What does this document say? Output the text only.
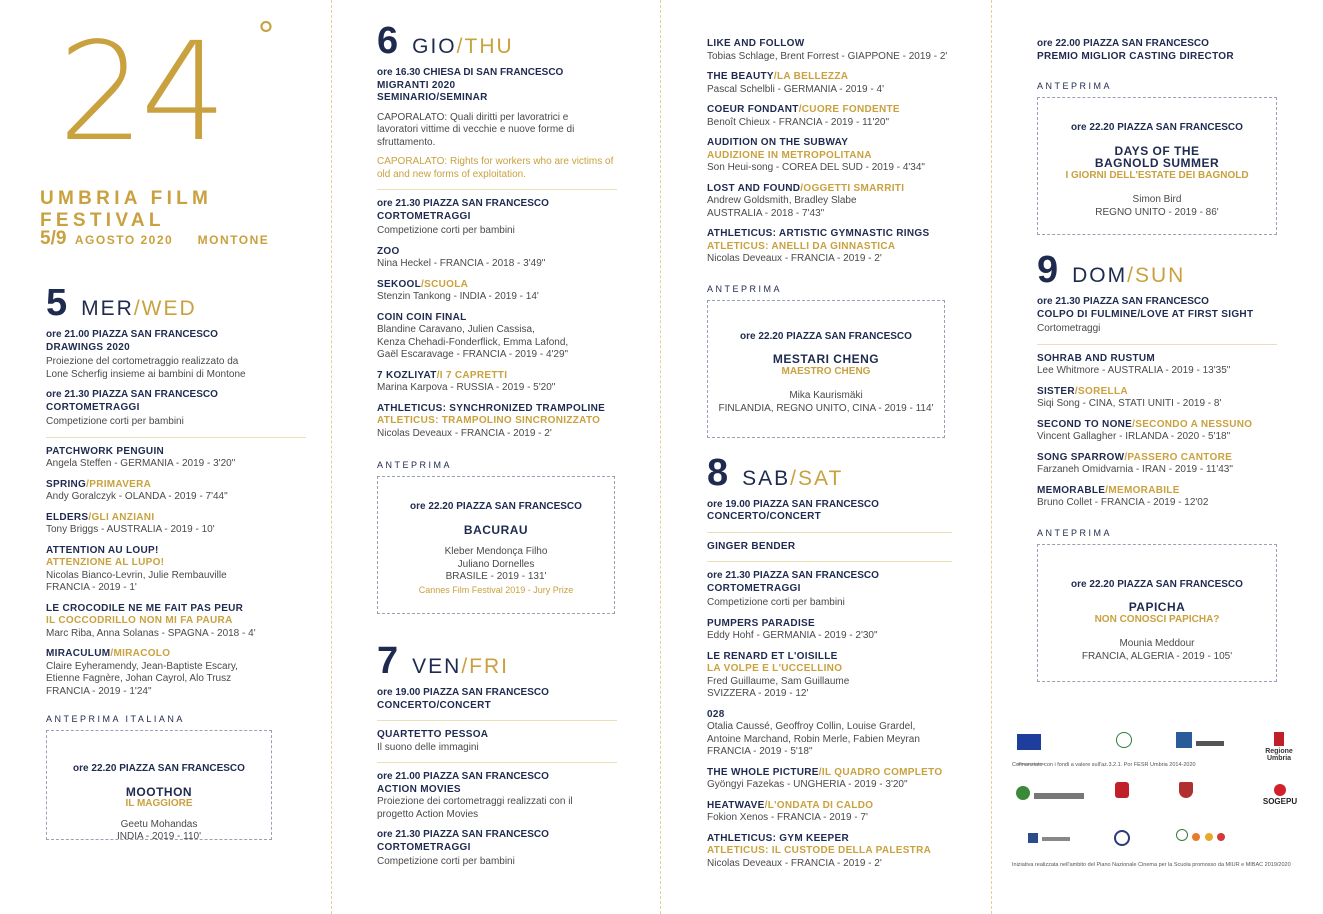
24 °
UMBRIA FILM FESTIVAL
5/9 AGOSTO 2020 MONTONE
5 MER/WED
ore 21.00 PIAZZA SAN FRANCESCO
DRAWINGS 2020
Proiezione del cortometraggio realizzato da
Lone Scherfig insieme ai bambini di Montone
ore 21.30 PIAZZA SAN FRANCESCO
CORTOMETRAGGI
Competizione corti per bambini
PATCHWORK PENGUIN
Angela Steffen - GERMANIA - 2019 - 3'20"
SPRING/PRIMAVERA
Andy Goralczyk - OLANDA - 2019 - 7'44"
ELDERS/GLI ANZIANI
Tony Briggs - AUSTRALIA - 2019 - 10'
ATTENTION AU LOUP!
ATTENZIONE AL LUPO!
Nicolas Bianco-Levrin, Julie Rembauville
FRANCIA - 2019 - 1'
LE CROCODILE NE ME FAIT PAS PEUR
IL COCCODRILLO NON MI FA PAURA
Marc Riba, Anna Solanas - SPAGNA - 2018 - 4'
MIRACULUM/MIRACOLO
Claire Eyheramendy, Jean-Baptiste Escary,
Etienne Fagnère, Johan Cayrol, Alo Trusz
FRANCIA - 2019 - 1'24"
ANTEPRIMA ITALIANA
ore 22.20 PIAZZA SAN FRANCESCO
MOOTHON
IL MAGGIORE
Geetu Mohandas
INDIA - 2019 - 110'
6 GIO/THU
ore 16.30 CHIESA DI SAN FRANCESCO
MIGRANTI 2020
SEMINARIO/SEMINAR
CAPORALATO: Quali diritti per lavoratrici e lavoratori vittime di vecchie e nuove forme di sfruttamento.
CAPORALATO: Rights for workers who are victims of old and new forms of exploitation.
ore 21.30 PIAZZA SAN FRANCESCO
CORTOMETRAGGI
Competizione corti per bambini
ZOO
Nina Heckel - FRANCIA - 2018 - 3'49"
SEKOOL/SCUOLA
Stenzin Tankong - INDIA - 2019 - 14'
COIN COIN FINAL
Blandine Caravano, Julien Cassisa,
Kenza Chehadi-Fonderflick, Emma Lafond,
Gaël Escaravage - FRANCIA - 2019 - 4'29"
7 KOZLIYAT/I 7 CAPRETTI
Marina Karpova - RUSSIA - 2019 - 5'20"
ATHLETICUS: SYNCHRONIZED TRAMPOLINE
ATLETICUS: TRAMPOLINO SINCRONIZZATO
Nicolas Deveaux - FRANCIA - 2019 - 2'
ANTEPRIMA
ore 22.20 PIAZZA SAN FRANCESCO
BACURAU
Kleber Mendonça Filho
Juliano Dornelles
BRASILE - 2019 - 131'
Cannes Film Festival 2019 - Jury Prize
7 VEN/FRI
ore 19.00 PIAZZA SAN FRANCESCO
CONCERTO/CONCERT
QUARTETTO PESSOA
Il suono delle immagini
ore 21.00 PIAZZA SAN FRANCESCO
ACTION MOVIES
Proiezione dei cortometraggi realizzati con il
progetto Action Movies
ore 21.30 PIAZZA SAN FRANCESCO
CORTOMETRAGGI
Competizione corti per bambini
LIKE AND FOLLOW
Tobias Schlage, Brent Forrest - GIAPPONE - 2019 - 2'
THE BEAUTY/LA BELLEZZA
Pascal Schelbli - GERMANIA - 2019 - 4'
COEUR FONDANT/CUORE FONDENTE
Benoît Chieux - FRANCIA - 2019 - 11'20"
AUDITION ON THE SUBWAY
AUDIZIONE IN METROPOLITANA
Son Heui-song - COREA DEL SUD - 2019 - 4'34"
LOST AND FOUND/OGGETTI SMARRITI
Andrew Goldsmith, Bradley Slabe
AUSTRALIA - 2018 - 7'43"
ATHLETICUS: ARTISTIC GYMNASTIC RINGS
ATLETICUS: ANELLI DA GINNASTICA
Nicolas Deveaux - FRANCIA - 2019 - 2'
ANTEPRIMA
ore 22.20 PIAZZA SAN FRANCESCO
MESTARI CHENG
MAESTRO CHENG
Mika Kaurismäki
FINLANDIA, REGNO UNITO, CINA - 2019 - 114'
8 SAB/SAT
ore 19.00 PIAZZA SAN FRANCESCO
CONCERTO/CONCERT
GINGER BENDER
ore 21.30 PIAZZA SAN FRANCESCO
CORTOMETRAGGI
Competizione corti per bambini
PUMPERS PARADISE
Eddy Hohf - GERMANIA - 2019 - 2'30"
LE RENARD ET L'OISILLE
LA VOLPE E L'UCCELLINO
Fred Guillaume, Sam Guillaume
SVIZZERA - 2019 - 12'
028
Otalia Caussé, Geoffroy Collin, Louise Grardel,
Antoine Marchand, Robin Merle, Fabien Meyran
FRANCIA - 2019 - 5'18"
THE WHOLE PICTURE/IL QUADRO COMPLETO
Gyöngyi Fazekas - UNGHERIA - 2019 - 3'20"
HEATWAVE/L'ONDATA DI CALDO
Fokion Xenos - FRANCIA - 2019 - 7'
ATHLETICUS: GYM KEEPER
ATLETICUS: IL CUSTODE DELLA PALESTRA
Nicolas Deveaux - FRANCIA - 2019 - 2'
ore 22.00 PIAZZA SAN FRANCESCO
PREMIO MIGLIOR CASTING DIRECTOR
ANTEPRIMA
ore 22.20 PIAZZA SAN FRANCESCO
DAYS OF THE
BAGNOLD SUMMER
I GIORNI DELL'ESTATE DEI BAGNOLD
Simon Bird
REGNO UNITO - 2019 - 86'
9 DOM/SUN
ore 21.30 PIAZZA SAN FRANCESCO
COLPO DI FULMINE/LOVE AT FIRST SIGHT
Cortometraggi
SOHRAB AND RUSTUM
Lee Whitmore - AUSTRALIA - 2019 - 13'35"
SISTER/SORELLA
Siqi Song - CINA, STATI UNITI - 2019 - 8'
SECOND TO NONE/SECONDO A NESSUNO
Vincent Gallagher - IRLANDA - 2020 - 5'18"
SONG SPARROW/PASSERO CANTORE
Farzaneh Omidvarnia - IRAN - 2019 - 11'43"
MEMORABLE/MEMORABILE
Bruno Collet - FRANCIA - 2019 - 12'02
ANTEPRIMA
ore 22.20 PIAZZA SAN FRANCESCO
PAPICHA
NON CONOSCI PAPICHA?
Mounia Meddour
FRANCIA, ALGERIA - 2019 - 105'

Regione Umbria
Cofinanziato con i fondi a valere sull'az.3.2.1. Por FESR Umbria 2014-2020

SOGEPU

Iniziativa realizzata nell'ambito del Piano Nazionale Cinema per la Scuola promosso da MIUR e MIBAC 2019/2020
